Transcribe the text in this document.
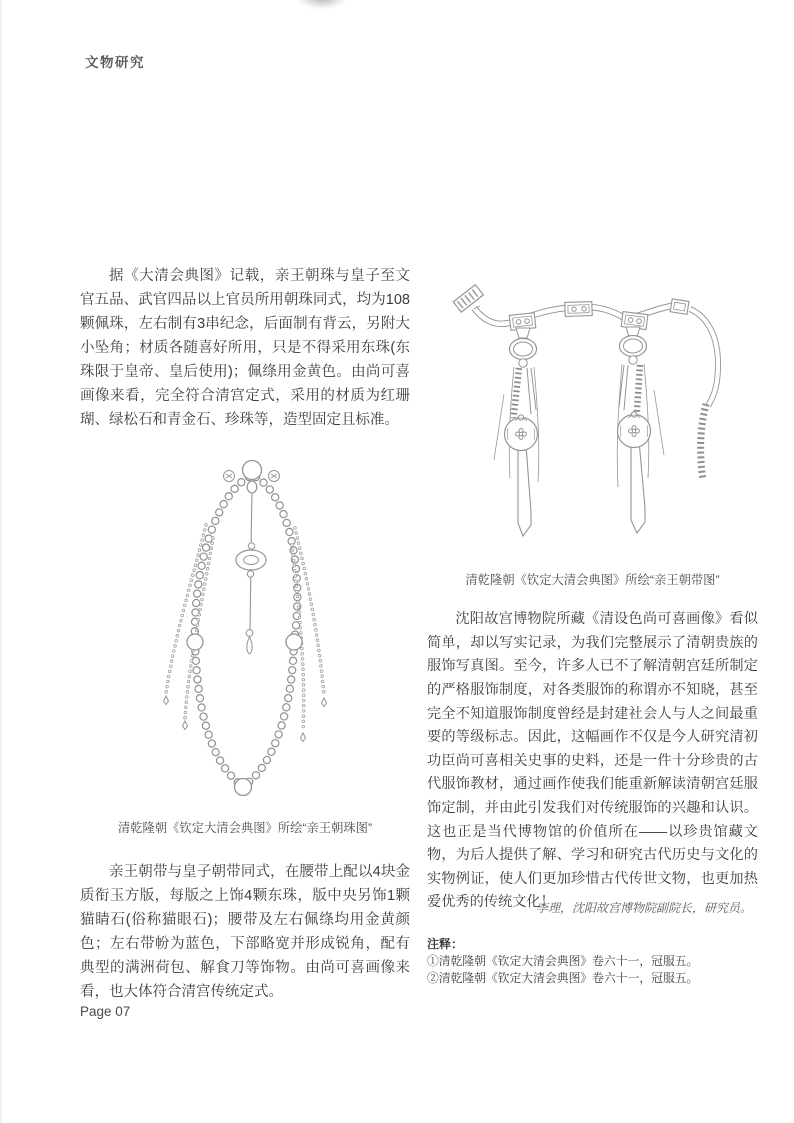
文物研究

据《大清会典图》记载，亲王朝珠与皇子至文官五品、武官四品以上官员所用朝珠同式，均为108颗佩珠，左右制有3串纪念，后面制有背云，另附大小坠角；材质各随喜好所用，只是不得采用东珠(东珠限于皇帝、皇后使用)；佩绦用金黄色。由尚可喜画像来看，完全符合清宫定式，采用的材质为红珊瑚、绿松石和青金石、珍珠等，造型固定且标准。

清乾隆朝《钦定大清会典图》所绘“亲王朝珠图”

亲王朝带与皇子朝带同式，在腰带上配以4块金质衔玉方版，每版之上饰4颗东珠，版中央另饰1颗猫睛石(俗称猫眼石)；腰带及左右佩绦均用金黄颜色；左右带帉为蓝色，下部略宽并形成锐角，配有典型的满洲荷包、解食刀等饰物。由尚可喜画像来看，也大体符合清宫传统定式。

清乾隆朝《钦定大清会典图》所绘“亲王朝带图”

沈阳故宫博物院所藏《清设色尚可喜画像》看似简单，却以写实记录，为我们完整展示了清朝贵族的服饰写真图。至今，许多人已不了解清朝宫廷所制定的严格服饰制度，对各类服饰的称谓亦不知晓，甚至完全不知道服饰制度曾经是封建社会人与人之间最重要的等级标志。因此，这幅画作不仅是今人研究清初功臣尚可喜相关史事的史料，还是一件十分珍贵的古代服饰教材，通过画作使我们能重新解读清朝宫廷服饰定制，并由此引发我们对传统服饰的兴趣和认识。这也正是当代博物馆的价值所在——以珍贵馆藏文物，为后人提供了解、学习和研究古代历史与文化的实物例证，使人们更加珍惜古代传世文物，也更加热爱优秀的传统文化！

李理，沈阳故宫博物院副院长，研究员。
注释：
①清乾隆朝《钦定大清会典图》卷六十一，冠服五。
②清乾隆朝《钦定大清会典图》卷六十一，冠服五。
Page 07
